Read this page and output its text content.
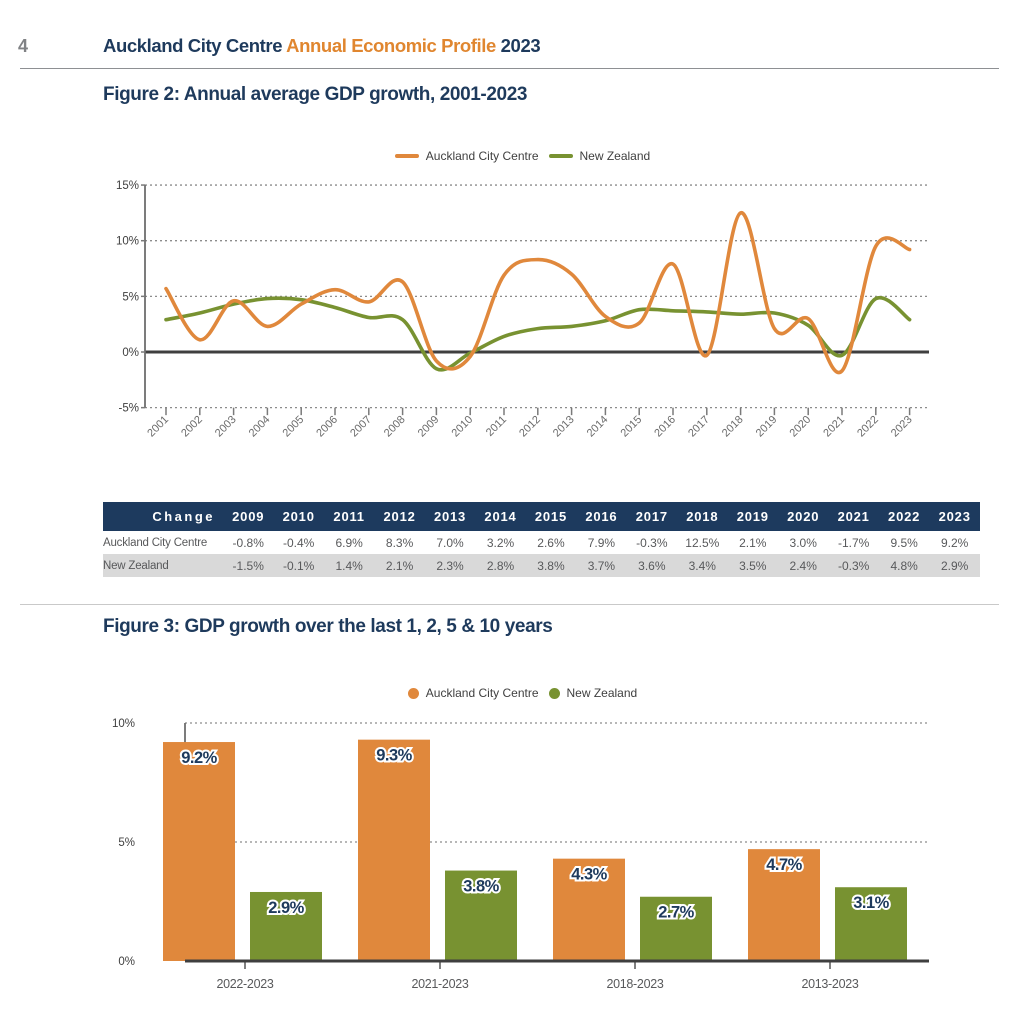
4	Auckland City Centre Annual Economic Profile 2023
Figure 2: Annual average GDP growth, 2001-2023
Auckland City Centre	New Zealand
15%
10%
5%
0%
-5%
2001 2002 2003 2004 2005 2006 2007 2008 2009 2010 2011 2012 2013 2014 2015 2016 2017 2018 2019 2020 2021 2022 2023
Change	2009	2010	2011	2012	2013	2014	2015	2016	2017	2018	2019	2020	2021	2022	2023
Auckland City Centre	-0.8%	-0.4%	6.9%	8.3%	7.0%	3.2%	2.6%	7.9%	-0.3%	12.5%	2.1%	3.0%	-1.7%	9.5%	9.2%
New Zealand	-1.5%	-0.1%	1.4%	2.1%	2.3%	2.8%	3.8%	3.7%	3.6%	3.4%	3.5%	2.4%	-0.3%	4.8%	2.9%
Figure 3: GDP growth over the last 1, 2, 5 & 10 years
Auckland City Centre New Zealand
9.2%
2.9%
9.3%
3.8%
4.3%
2.7%
4.7%
3.1%
0%
5%
10%
2022-2023	2021-2023	2018-2023	2013-2023
